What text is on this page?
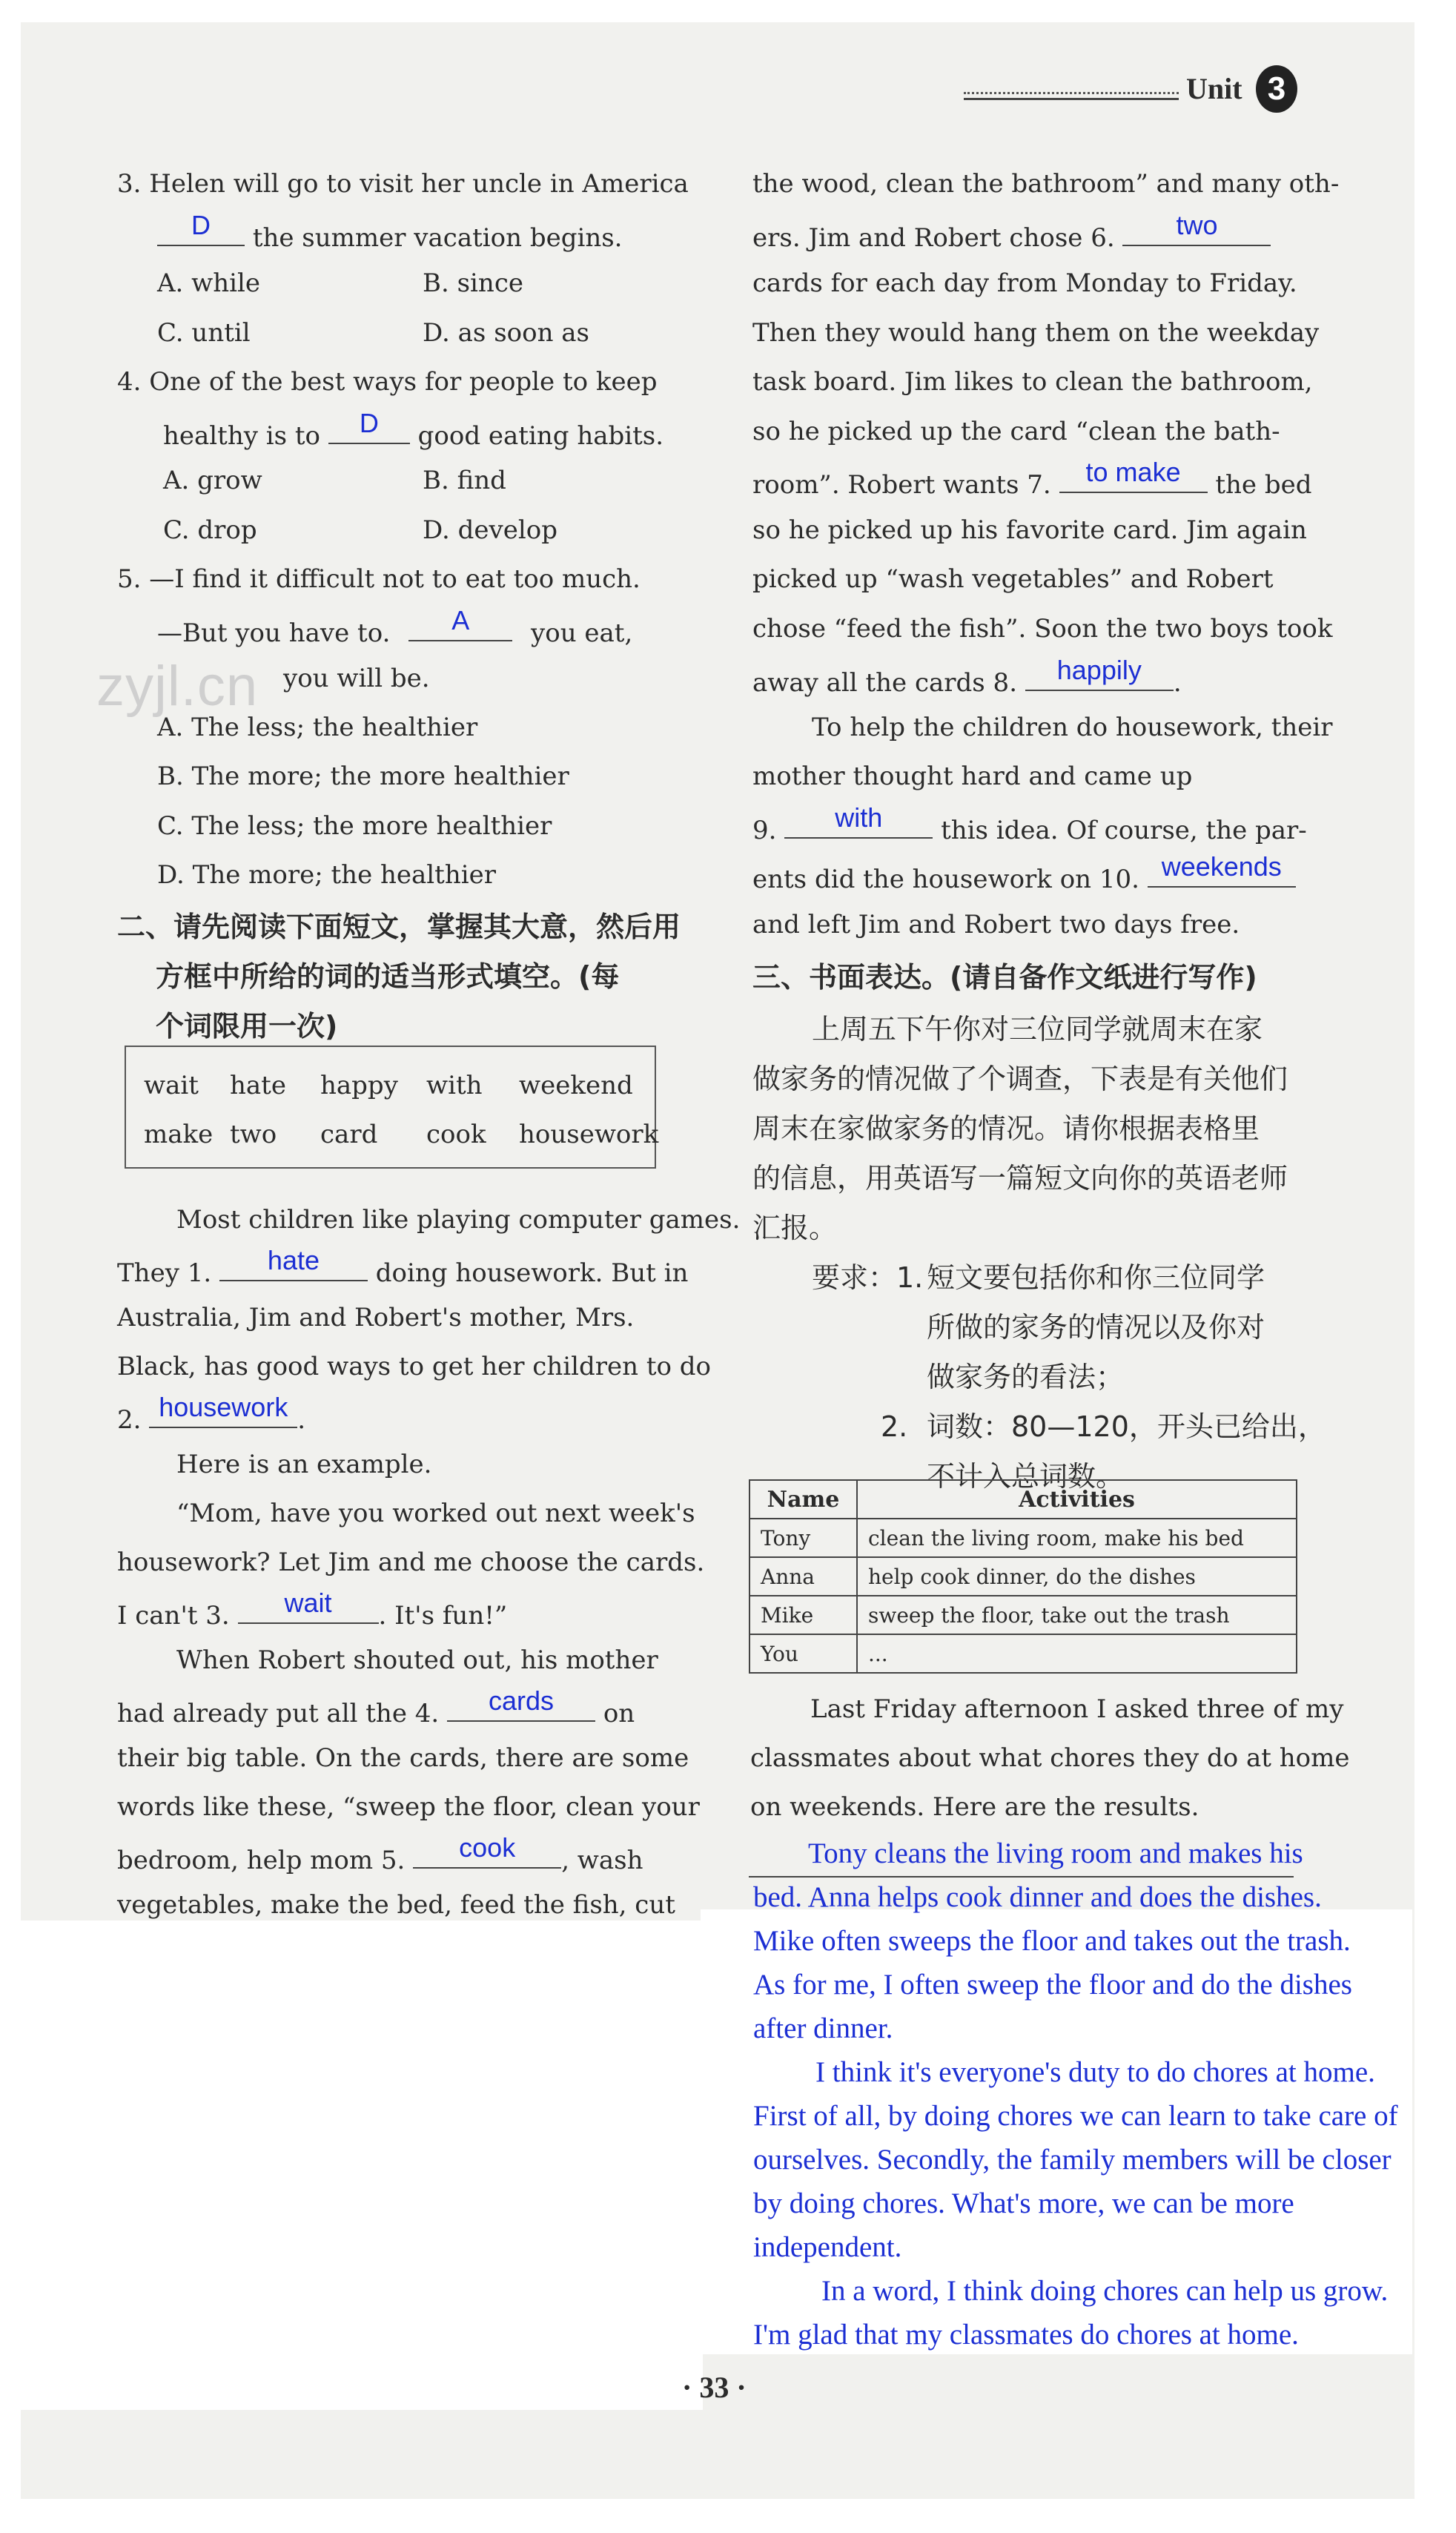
Unit 3
zyjl.cn
3. Helen will go to visit her uncle in America
D	the summer vacation begins.
A. while	B. since
C. until	D. as soon as
4. One of the best ways for people to keep
healthy is to	D	good eating habits.
A. grow	B. find
C. drop	D. develop
5. —I find it difficult not to eat too much.
—But you have to.	A	you eat,
you will be.
A. The less; the healthier
B. The more; the more healthier
C. The less; the more healthier
D. The more; the healthier
二、请先阅读下面短文，掌握其大意，然后用
方框中所给的词的适当形式填空。(每
个词限用一次)
wait hate happy with weekend
make two card cook housework
Most children like playing computer games.
They 1.	hate	doing housework. But in
Australia, Jim and Robert's mother, Mrs.
Black, has good ways to get her children to do
2. housework .
Here is an example.
“Mom, have you worked out next week's
housework? Let Jim and me choose the cards.
I can't 3.	wait	. It's fun!”
When Robert shouted out, his mother
had already put all the 4.	cards	on
their big table. On the cards, there are some
words like these, “sweep the floor, clean your
bedroom, help mom 5.	cook	, wash
vegetables, make the bed, feed the fish, cut
the wood, clean the bathroom” and many oth-
ers. Jim and Robert chose 6.	two
cards for each day from Monday to Friday.
Then they would hang them on the weekday
task board. Jim likes to clean the bathroom,
so he picked up the card “clean the bath-
room”. Robert wants 7.	to make	the bed
so he picked up his favorite card. Jim again
picked up “wash vegetables” and Robert
chose “feed the fish”. Soon the two boys took
away all the cards 8.	happily	.
To help the children do housework, their
mother thought hard and came up
9.	with	this idea. Of course, the par-
ents did the housework on 10. weekends
and left Jim and Robert two days free.
三、书面表达。(请自备作文纸进行写作)
上周五下午你对三位同学就周末在家
做家务的情况做了个调查，下表是有关他们
周末在家做家务的情况。请你根据表格里
的信息，用英语写一篇短文向你的英语老师
汇报。
要求：1. 短文要包括你和你三位同学
所做的家务的情况以及你对
做家务的看法；
2. 词数：80—120，开头已给出，
不计入总词数。
Name	Activities
Tony	clean the living room, make his bed
Anna	help cook dinner, do the dishes
Mike	sweep the floor, take out the trash
You	...
Last Friday afternoon I asked three of my
classmates about what chores they do at home
on weekends. Here are the results.
Tony cleans the living room and makes his
bed. Anna helps cook dinner and does the dishes.
Mike often sweeps the floor and takes out the trash.
As for me, I often sweep the floor and do the dishes
after dinner.
I think it's everyone's duty to do chores at home.
First of all, by doing chores we can learn to take care of
ourselves. Secondly, the family members will be closer
by doing chores. What's more, we can be more
independent.
In a word, I think doing chores can help us grow.
I'm glad that my classmates do chores at home.
· 33 ·
